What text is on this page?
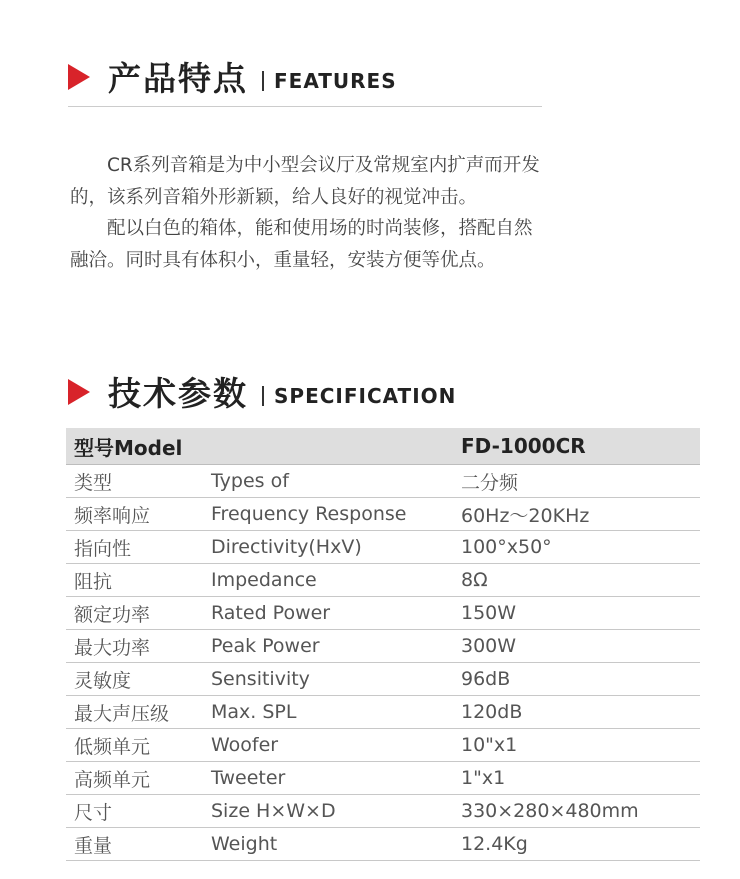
产品特点 FEATURES

CR系列音箱是为中小型会议厅及常规室内扩声而开发的，该系列音箱外形新颖，给人良好的视觉冲击。

配以白色的箱体，能和使用场的时尚装修，搭配自然融洽。同时具有体积小，重量轻，安装方便等优点。

技术参数 SPECIFICATION
型号Model		FD-1000CR
类型	Types of	二分频
频率响应	Frequency Response	60Hz～20KHz
指向性	Directivity(HxV)	100°x50°
阻抗	Impedance	8Ω
额定功率	Rated Power	150W
最大功率	Peak Power	300W
灵敏度	Sensitivity	96dB
最大声压级	Max. SPL	120dB
低频单元	Woofer	10"x1
高频单元	Tweeter	1"x1
尺寸	Size H×W×D	330×280×480mm
重量	Weight	12.4Kg
